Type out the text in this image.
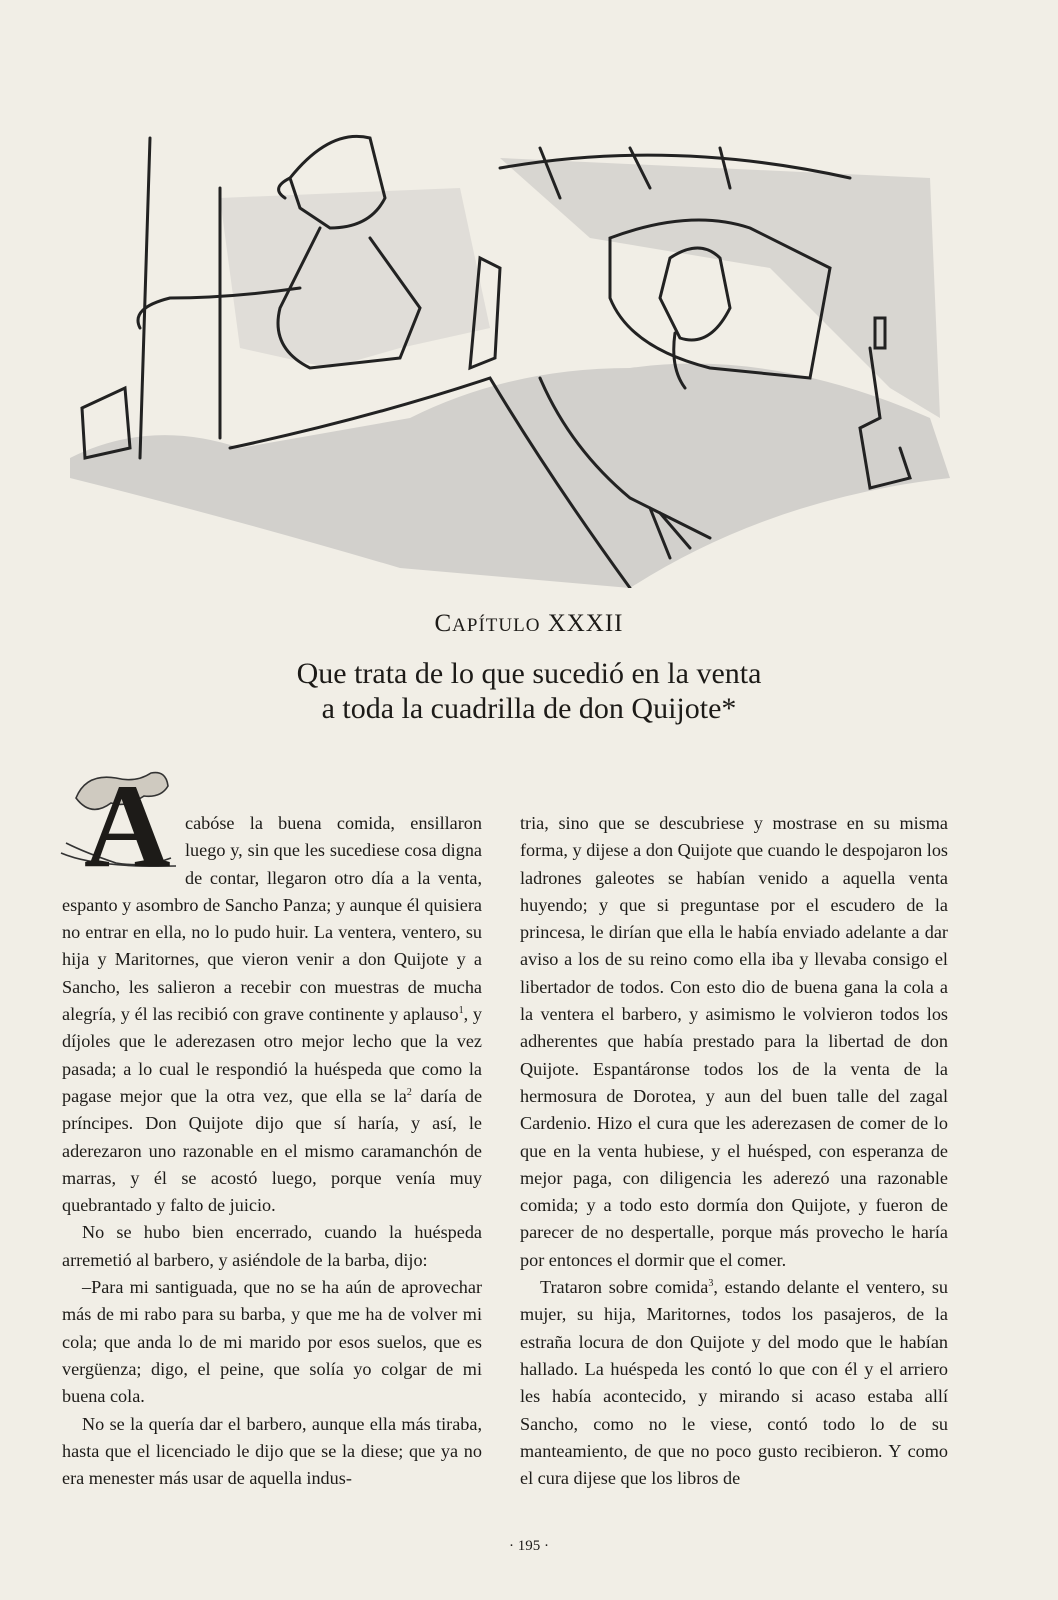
CAPÍTULO XXXII
Que trata de lo que sucedió en la venta
a toda la cuadrilla de don Quijote*
A cabóse la buena comida, ensillaron luego y, sin que les sucediese cosa digna de contar, llegaron otro día a la venta, espanto y asombro de Sancho Panza; y aunque él quisiera no entrar en ella, no lo pudo huir. La ventera, ventero, su hija y Maritornes, que vieron venir a don Quijote y a Sancho, les salieron a recebir con muestras de mucha alegría, y él las recibió con grave continente y aplauso$^1$, y díjoles que le aderezasen otro mejor lecho que la vez pasada; a lo cual le respondió la huéspeda que como la pagase mejor que la otra vez, que ella se $la^2$ daría de príncipes. Don Quijote dijo que sí haría, y así, le aderezaron uno razonable en el mismo caramanchón de marras, y él se acostó luego, porque venía muy quebrantado y falto de juicio.

No se hubo bien encerrado, cuando la huéspeda arremetió al barbero, y asiéndole de la barba, dijo:

–Para mi santiguada, que no se ha aún de aprovechar más de mi rabo para su barba, y que me ha de volver mi cola; que anda lo de mi marido por esos suelos, que es vergüenza; digo, el peine, que solía yo colgar de mi buena cola.

No se la quería dar el barbero, aunque ella más tiraba, hasta que el licenciado le dijo que se la diese; que ya no era menester más usar de aquella indus-

tria, sino que se descubriese y mostrase en su misma forma, y dijese a don Quijote que cuando le despojaron los ladrones galeotes se habían venido a aquella venta huyendo; y que si preguntase por el escudero de la princesa, le dirían que ella le había enviado adelante a dar aviso a los de su reino como ella iba y llevaba consigo el libertador de todos. Con esto dio de buena gana la cola a la ventera el barbero, y asimismo le volvieron todos los adherentes que había prestado para la libertad de don Quijote. Espantáronse todos los de la venta de la hermosura de Dorotea, y aun del buen talle del zagal Cardenio. Hizo el cura que les aderezasen de comer de lo que en la venta hubiese, y el huésped, con esperanza de mejor paga, con diligencia les aderezó una razonable comida; y a todo esto dormía don Quijote, y fueron de parecer de no despertalle, porque más provecho le haría por entonces el dormir que el comer.

Trataron sobre comida$^3$, estando delante el ventero, su mujer, su hija, Maritornes, todos los pasajeros, de la estraña locura de don Quijote y del modo que le habían hallado. La huéspeda les contó lo que con él y el arriero les había acontecido, y mirando si acaso estaba allí Sancho, como no le viese, contó todo lo de su manteamiento, de que no poco gusto recibieron. Y como el cura dijese que los libros de

· 195 ·
